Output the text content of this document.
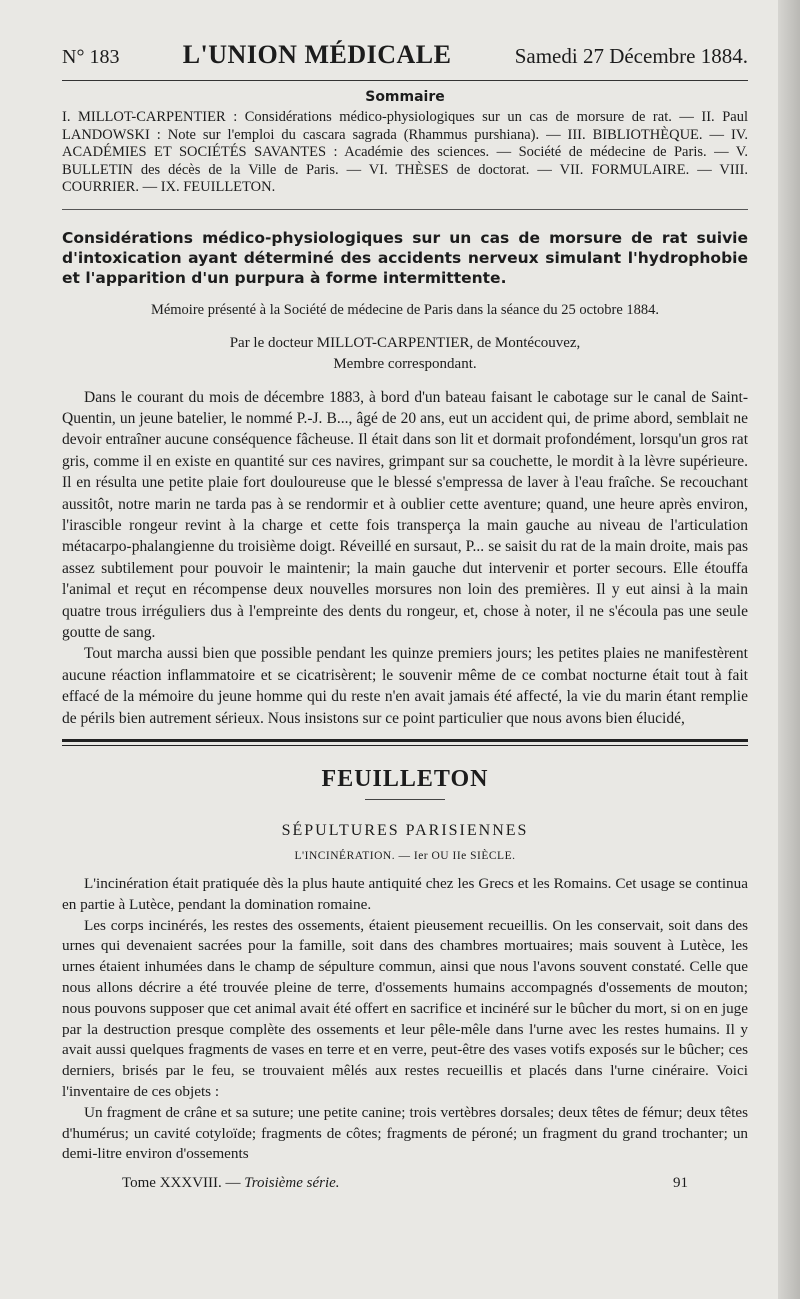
N° 183 L'UNION MÉDICALE	Samedi 27 Décembre 1884.
Sommaire
I. MILLOT-CARPENTIER : Considérations médico-physiologiques sur un cas de morsure de rat. — II. Paul LANDOWSKI : Note sur l'emploi du cascara sagrada (Rhammus purshiana). — III. BIBLIOTHÈQUE. — IV. ACADÉMIES ET SOCIÉTÉS SAVANTES : Académie des sciences. — Société de médecine de Paris. — V. BULLETIN des décès de la Ville de Paris. — VI. THÈSES de doctorat. — VII. FORMULAIRE. — VIII. COURRIER. — IX. FEUILLETON.
Considérations médico-physiologiques sur un cas de morsure de rat suivie d'intoxication ayant déterminé des accidents nerveux simulant l'hydrophobie et l'apparition d'un purpura à forme intermittente.
Mémoire présenté à la Société de médecine de Paris dans la séance du 25 octobre 1884.
Par le docteur MILLOT-CARPENTIER, de Montécouvez,
Membre correspondant.

Dans le courant du mois de décembre 1883, à bord d'un bateau faisant le cabotage sur le canal de Saint-Quentin, un jeune batelier, le nommé P.-J. B..., âgé de 20 ans, eut un accident qui, de prime abord, semblait ne devoir entraîner aucune conséquence fâcheuse. Il était dans son lit et dormait profondément, lorsqu'un gros rat gris, comme il en existe en quantité sur ces navires, grimpant sur sa couchette, le mordit à la lèvre supérieure. Il en résulta une petite plaie fort douloureuse que le blessé s'empressa de laver à l'eau fraîche. Se recouchant aussitôt, notre marin ne tarda pas à se rendormir et à oublier cette aventure; quand, une heure après environ, l'irascible rongeur revint à la charge et cette fois transperça la main gauche au niveau de l'articulation métacarpo-phalangienne du troisième doigt. Réveillé en sursaut, P... se saisit du rat de la main droite, mais pas assez subtilement pour pouvoir le maintenir; la main gauche dut intervenir et porter secours. Elle étouffa l'animal et reçut en récompense deux nouvelles morsures non loin des premières. Il y eut ainsi à la main quatre trous irréguliers dus à l'empreinte des dents du rongeur, et, chose à noter, il ne s'écoula pas une seule goutte de sang.

Tout marcha aussi bien que possible pendant les quinze premiers jours; les petites plaies ne manifestèrent aucune réaction inflammatoire et se cicatrisèrent; le souvenir même de ce combat nocturne était tout à fait effacé de la mémoire du jeune homme qui du reste n'en avait jamais été affecté, la vie du marin étant remplie de périls bien autrement sérieux. Nous insistons sur ce point particulier que nous avons bien élucidé,

FEUILLETON
SÉPULTURES PARISIENNES
L'INCINÉRATION. — Ier OU IIe SIÈCLE.

L'incinération était pratiquée dès la plus haute antiquité chez les Grecs et les Romains. Cet usage se continua en partie à Lutèce, pendant la domination romaine.

Les corps incinérés, les restes des ossements, étaient pieusement recueillis. On les conservait, soit dans des urnes qui devenaient sacrées pour la famille, soit dans des chambres mortuaires; mais souvent à Lutèce, les urnes étaient inhumées dans le champ de sépulture commun, ainsi que nous l'avons souvent constaté. Celle que nous allons décrire a été trouvée pleine de terre, d'ossements humains accompagnés d'ossements de mouton; nous pouvons supposer que cet animal avait été offert en sacrifice et incinéré sur le bûcher du mort, si on en juge par la destruction presque complète des ossements et leur pêle-mêle dans l'urne avec les restes humains. Il y avait aussi quelques fragments de vases en terre et en verre, peut-être des vases votifs exposés sur le bûcher; ces derniers, brisés par le feu, se trouvaient mêlés aux restes recueillis et placés dans l'urne cinéraire. Voici l'inventaire de ces objets :

Un fragment de crâne et sa suture; une petite canine; trois vertèbres dorsales; deux têtes de fémur; deux têtes d'humérus; un cavité cotyloïde; fragments de côtes; fragments de péroné; un fragment du grand trochanter; un demi-litre environ d'ossements

Tome XXXVIII. — Troisième série.	91
